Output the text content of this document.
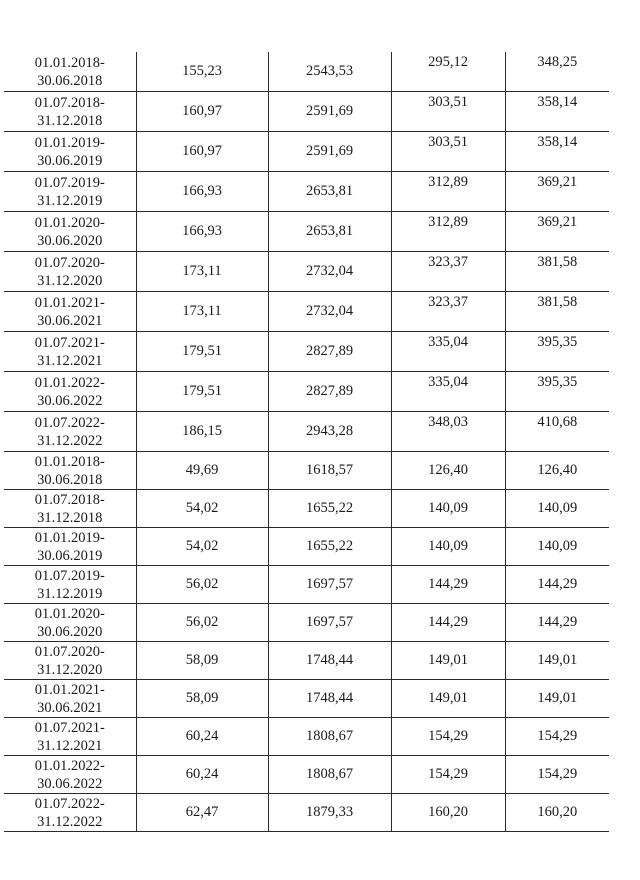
01.01.2018-
30.06.2018	155,23	2543,53	295,12	348,25

01.07.2018-
31.12.2018	160,97	2591,69	303,51	358,14

01.01.2019-
30.06.2019	160,97	2591,69	303,51	358,14

01.07.2019-
31.12.2019	166,93	2653,81	312,89	369,21

01.01.2020-
30.06.2020	166,93	2653,81	312,89	369,21

01.07.2020-
31.12.2020	173,11	2732,04	323,37	381,58

01.01.2021-
30.06.2021	173,11	2732,04	323,37	381,58

01.07.2021-
31.12.2021	179,51	2827,89	335,04	395,35

01.01.2022-
30.06.2022	179,51	2827,89	335,04	395,35

01.07.2022-
31.12.2022	186,15	2943,28	348,03	410,68

01.01.2018-
30.06.2018	49,69	1618,57	126,40	126,40

01.07.2018-
31.12.2018	54,02	1655,22	140,09	140,09

01.01.2019-
30.06.2019	54,02	1655,22	140,09	140,09

01.07.2019-
31.12.2019	56,02	1697,57	144,29	144,29

01.01.2020-
30.06.2020	56,02	1697,57	144,29	144,29

01.07.2020-
31.12.2020	58,09	1748,44	149,01	149,01

01.01.2021-
30.06.2021	58,09	1748,44	149,01	149,01

01.07.2021-
31.12.2021	60,24	1808,67	154,29	154,29

01.01.2022-
30.06.2022	60,24	1808,67	154,29	154,29

01.07.2022-
31.12.2022	62,47	1879,33	160,20	160,20
